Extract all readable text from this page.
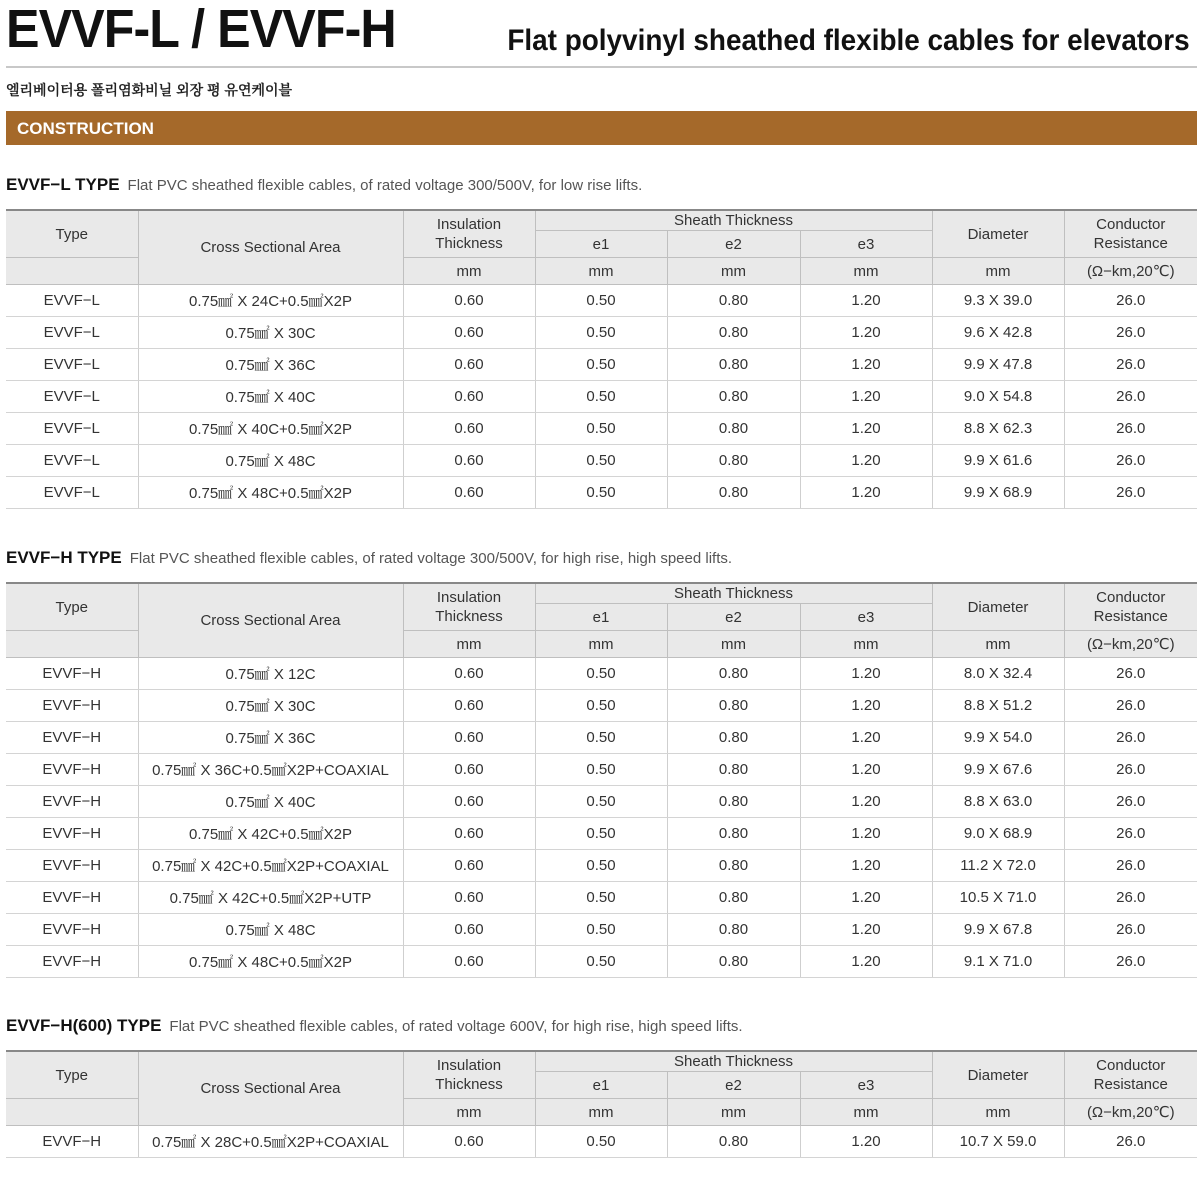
EVVF-L / EVVF-H	Flat polyvinyl sheathed flexible cables for elevators
엘리베이터용 폴리염화비닐 외장 평 유연케이블
CONSTRUCTION
EVVF−L TYPE Flat PVC sheathed flexible cables, of rated voltage 300/500V, for low rise lifts.
Type	Cross Sectional Area	Insulation Thickness	Sheath Thickness			Diameter	Conductor Resistance
			e1	e2	e3		
		mm	mm	mm	mm	mm	(Ω−km,20℃)
EVVF−L	0.75㎟ X 24C+0.5㎟X2P	0.60	0.50	0.80	1.20	9.3 X 39.0	26.0
EVVF−L	0.75㎟ X 30C	0.60	0.50	0.80	1.20	9.6 X 42.8	26.0
EVVF−L	0.75㎟ X 36C	0.60	0.50	0.80	1.20	9.9 X 47.8	26.0
EVVF−L	0.75㎟ X 40C	0.60	0.50	0.80	1.20	9.0 X 54.8	26.0
EVVF−L	0.75㎟ X 40C+0.5㎟X2P	0.60	0.50	0.80	1.20	8.8 X 62.3	26.0
EVVF−L	0.75㎟ X 48C	0.60	0.50	0.80	1.20	9.9 X 61.6	26.0
EVVF−L	0.75㎟ X 48C+0.5㎟X2P	0.60	0.50	0.80	1.20	9.9 X 68.9	26.0
EVVF−H TYPE Flat PVC sheathed flexible cables, of rated voltage 300/500V, for high rise, high speed lifts.
Type	Cross Sectional Area	Insulation Thickness	Sheath Thickness			Diameter	Conductor Resistance
			e1	e2	e3		
		mm	mm	mm	mm	mm	(Ω−km,20℃)
EVVF−H	0.75㎟ X 12C	0.60	0.50	0.80	1.20	8.0 X 32.4	26.0
EVVF−H	0.75㎟ X 30C	0.60	0.50	0.80	1.20	8.8 X 51.2	26.0
EVVF−H	0.75㎟ X 36C	0.60	0.50	0.80	1.20	9.9 X 54.0	26.0
EVVF−H	0.75㎟ X 36C+0.5㎟X2P+COAXIAL	0.60	0.50	0.80	1.20	9.9 X 67.6	26.0
EVVF−H	0.75㎟ X 40C	0.60	0.50	0.80	1.20	8.8 X 63.0	26.0
EVVF−H	0.75㎟ X 42C+0.5㎟X2P	0.60	0.50	0.80	1.20	9.0 X 68.9	26.0
EVVF−H	0.75㎟ X 42C+0.5㎟X2P+COAXIAL	0.60	0.50	0.80	1.20	11.2 X 72.0	26.0
EVVF−H	0.75㎟ X 42C+0.5㎟X2P+UTP	0.60	0.50	0.80	1.20	10.5 X 71.0	26.0
EVVF−H	0.75㎟ X 48C	0.60	0.50	0.80	1.20	9.9 X 67.8	26.0
EVVF−H	0.75㎟ X 48C+0.5㎟X2P	0.60	0.50	0.80	1.20	9.1 X 71.0	26.0
EVVF−H(600) TYPE Flat PVC sheathed flexible cables, of rated voltage 600V, for high rise, high speed lifts.
Type	Cross Sectional Area	Insulation Thickness	Sheath Thickness			Diameter	Conductor Resistance
			e1	e2	e3		
		mm	mm	mm	mm	mm	(Ω−km,20℃)
EVVF−H	0.75㎟ X 28C+0.5㎟X2P+COAXIAL	0.60	0.50	0.80	1.20	10.7 X 59.0	26.0
